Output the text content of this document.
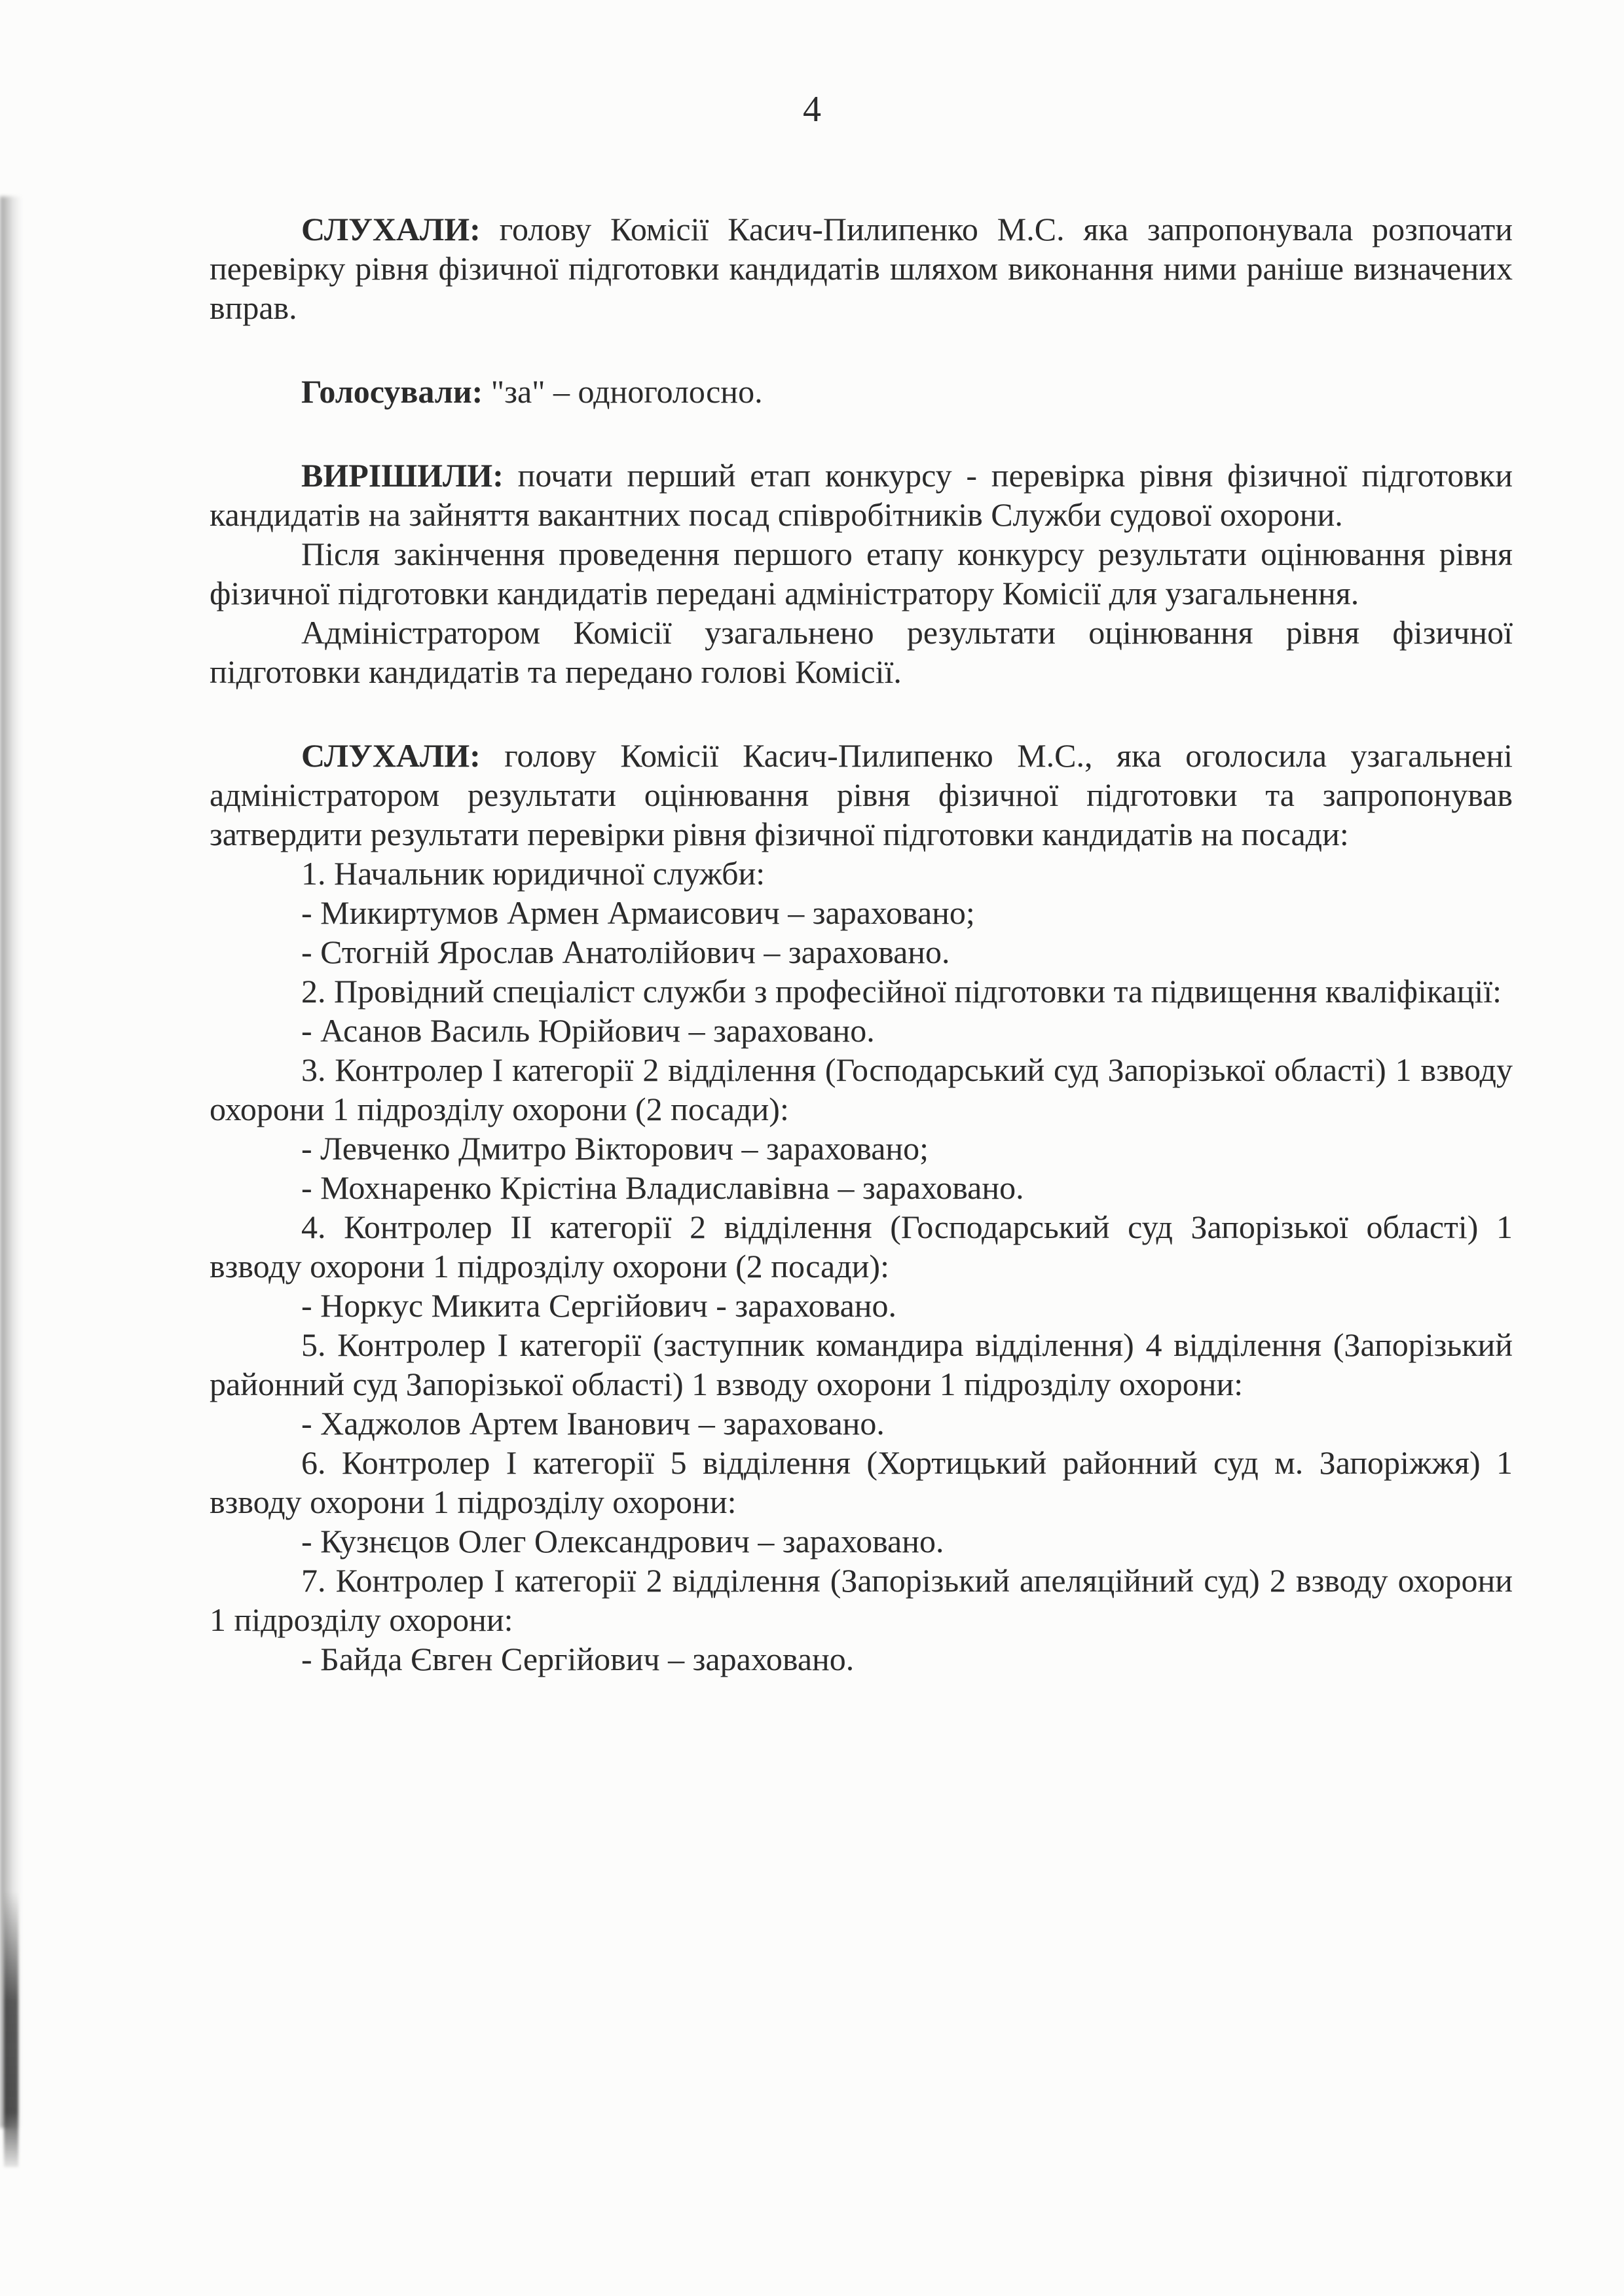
4

СЛУХАЛИ: голову Комісії Касич-Пилипенко М.С. яка запропонувала розпочати перевірку рівня фізичної підготовки кандидатів шляхом виконання ними раніше визначених вправ.

Голосували: "за" – одноголосно.

ВИРІШИЛИ: почати перший етап конкурсу - перевірка рівня фізичної підготовки кандидатів на зайняття вакантних посад співробітників Служби судової охорони.

Після закінчення проведення першого етапу конкурсу результати оцінювання рівня фізичної підготовки кандидатів передані адміністратору Комісії для узагальнення.

Адміністратором Комісії узагальнено результати оцінювання рівня фізичної підготовки кандидатів та передано голові Комісії.

СЛУХАЛИ: голову Комісії Касич-Пилипенко М.С., яка оголосила узагальнені адміністратором результати оцінювання рівня фізичної підготовки та запропонував затвердити результати перевірки рівня фізичної підготовки кандидатів на посади:

1. Начальник юридичної служби:

- Микиртумов Армен Армаисович – зараховано;

- Стогній Ярослав Анатолійович – зараховано.

2. Провідний спеціаліст служби з професійної підготовки та підвищення кваліфікації:

- Асанов Василь Юрійович – зараховано.

3. Контролер І категорії 2 відділення (Господарський суд Запорізької області) 1 взводу охорони 1 підрозділу охорони (2 посади):

- Левченко Дмитро Вікторович – зараховано;

- Мохнаренко Крістіна Владиславівна – зараховано.

4. Контролер ІІ категорії 2 відділення (Господарський суд Запорізької області) 1 взводу охорони 1 підрозділу охорони (2 посади):

- Норкус Микита Сергійович - зараховано.

5. Контролер І категорії (заступник командира відділення) 4 відділення (Запорізький районний суд Запорізької області) 1 взводу охорони 1 підрозділу охорони:

- Хаджолов Артем Іванович – зараховано.

6. Контролер І категорії 5 відділення (Хортицький районний суд м. Запоріжжя) 1 взводу охорони 1 підрозділу охорони:

- Кузнєцов Олег Олександрович – зараховано.

7. Контролер І категорії 2 відділення (Запорізький апеляційний суд) 2 взводу охорони 1 підрозділу охорони:

- Байда Євген Сергійович – зараховано.
